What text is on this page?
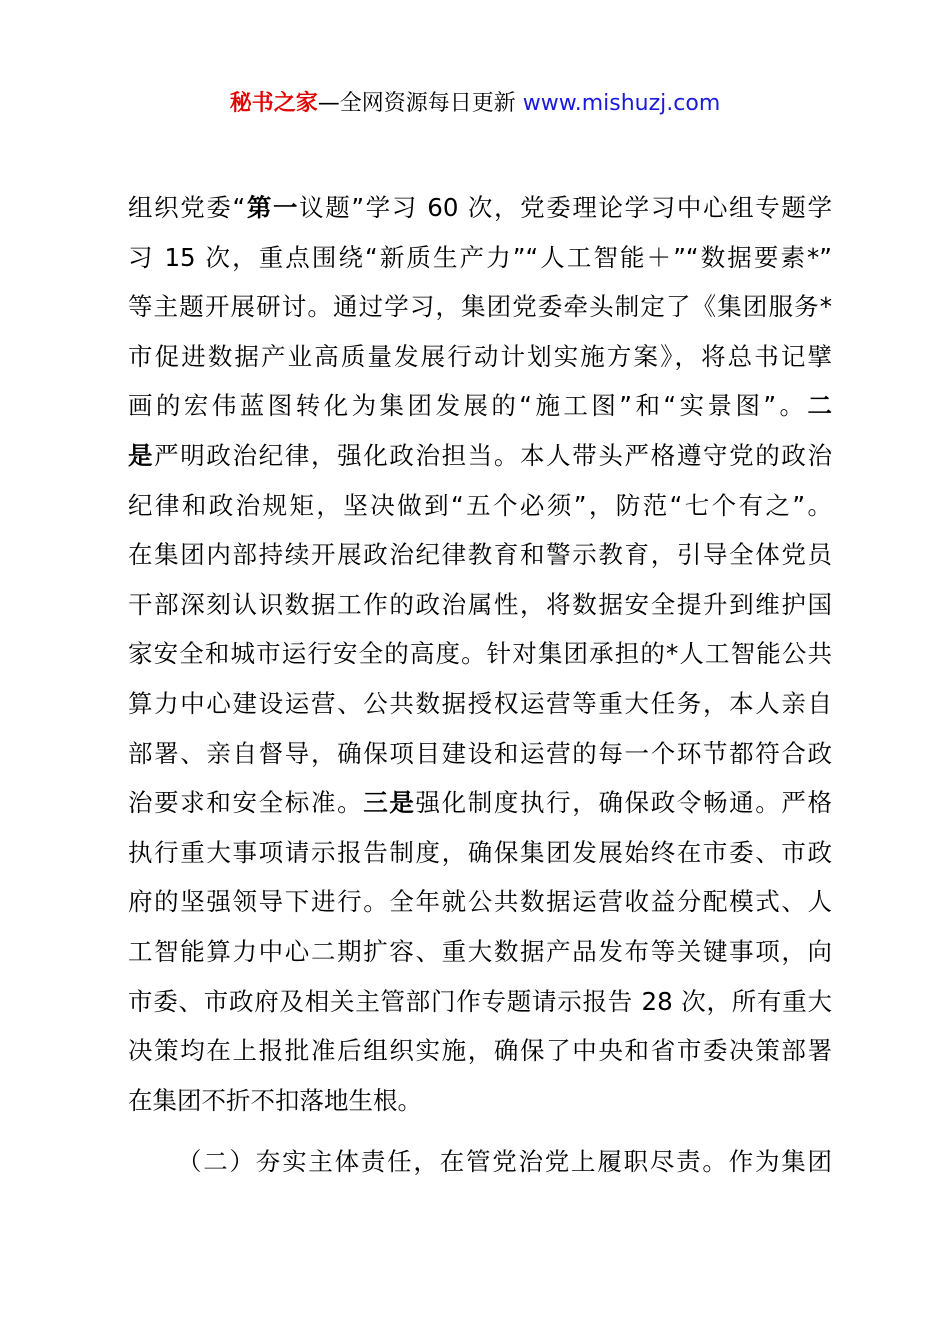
秘书之家—全网资源每日更新 www.mishuzj.com
组织党委“第一议题”学习 60 次，党委理论学习中心组专题学
习 15 次，重点围绕“新质生产力”“人工智能＋”“数据要素*”
等主题开展研讨。通过学习，集团党委牵头制定了《集团服务*
市促进数据产业高质量发展行动计划实施方案》，将总书记擘
画的宏伟蓝图转化为集团发展的“施工图”和“实景图”。二
是严明政治纪律，强化政治担当。本人带头严格遵守党的政治
纪律和政治规矩，坚决做到“五个必须”，防范“七个有之”。
在集团内部持续开展政治纪律教育和警示教育，引导全体党员
干部深刻认识数据工作的政治属性，将数据安全提升到维护国
家安全和城市运行安全的高度。针对集团承担的*人工智能公共
算力中心建设运营、公共数据授权运营等重大任务，本人亲自
部署、亲自督导，确保项目建设和运营的每一个环节都符合政
治要求和安全标准。三是强化制度执行，确保政令畅通。严格
执行重大事项请示报告制度，确保集团发展始终在市委、市政
府的坚强领导下进行。全年就公共数据运营收益分配模式、人
工智能算力中心二期扩容、重大数据产品发布等关键事项，向
市委、市政府及相关主管部门作专题请示报告 28 次，所有重大
决策均在上报批准后组织实施，确保了中央和省市委决策部署
在集团不折不扣落地生根。
（二）夯实主体责任，在管党治党上履职尽责。作为集团
